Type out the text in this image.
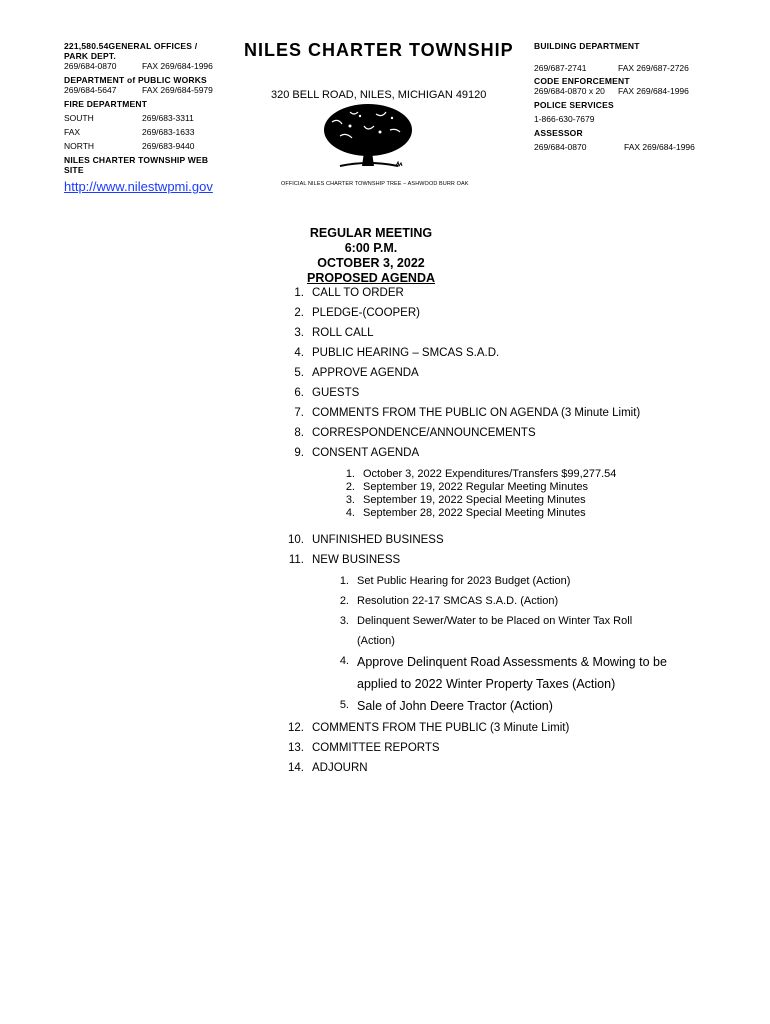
221,580.54GENERAL OFFICES /
PARK DEPT.
269/684-0870	FAX 269/684-1996
DEPARTMENT of PUBLIC WORKS
269/684-5647	FAX 269/684-5979
FIRE DEPARTMENT
SOUTH	269/683-3311
FAX	269/683-1633
NORTH	269/683-9440
NILES CHARTER TOWNSHIP WEB
SITE
http://www.nilestwpmi.gov
NILES CHARTER TOWNSHIP
320 BELL ROAD, NILES, MICHIGAN 49120
OFFICIAL NILES CHARTER TOWNSHIP TREE – ASHWOOD BURR OAK
BUILDING DEPARTMENT
269/687-2741	FAX 269/687-2726
CODE ENFORCEMENT
269/684-0870 x 20 FAX 269/684-1996
POLICE SERVICES
1-866-630-7679
ASSESSOR
269/684-0870	FAX 269/684-1996
REGULAR MEETING
6:00 P.M.
OCTOBER 3, 2022
PROPOSED AGENDA
1. CALL TO ORDER
2. PLEDGE-(COOPER)
3. ROLL CALL
4. PUBLIC HEARING – SMCAS S.A.D.
5. APPROVE AGENDA
6. GUESTS
7. COMMENTS FROM THE PUBLIC ON AGENDA (3 Minute Limit)
8. CORRESPONDENCE/ANNOUNCEMENTS
9. CONSENT AGENDA
1. October 3, 2022 Expenditures/Transfers $99,277.54
2. September 19, 2022 Regular Meeting Minutes
3. September 19, 2022 Special Meeting Minutes
4. September 28, 2022 Special Meeting Minutes
10. UNFINISHED BUSINESS
11. NEW BUSINESS
1. Set Public Hearing for 2023 Budget (Action)
2. Resolution 22-17 SMCAS S.A.D. (Action)
3. Delinquent Sewer/Water to be Placed on Winter Tax Roll
(Action)
4. Approve Delinquent Road Assessments & Mowing to be
applied to 2022 Winter Property Taxes (Action)
5. Sale of John Deere Tractor (Action)
12. COMMENTS FROM THE PUBLIC (3 Minute Limit)
13. COMMITTEE REPORTS
14. ADJOURN
